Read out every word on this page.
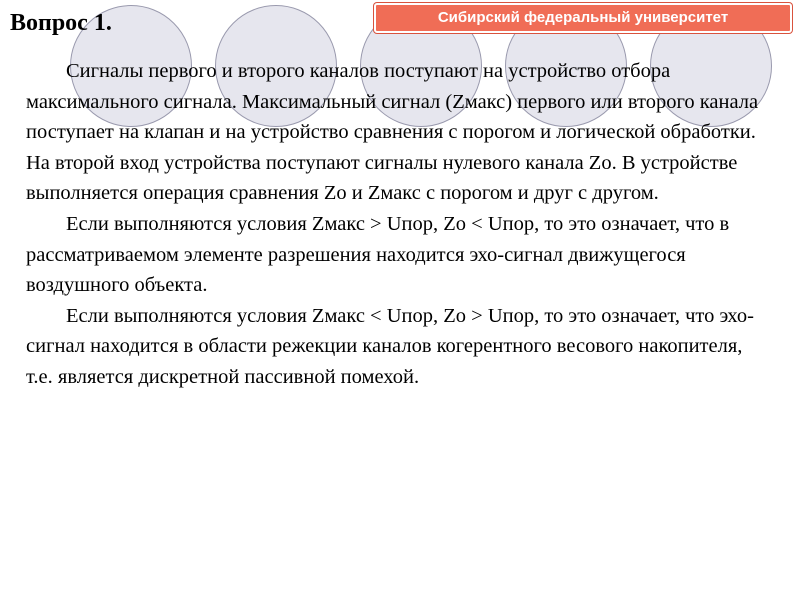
Вопрос 1.	Сибирский федеральный университет

Сигналы первого и второго каналов поступают на устройство отбора максимального сигнала. Максимальный сигнал (Zмакс) первого или второго канала поступает на клапан и на устройство сравнения с порогом и логической обработки. На второй вход устройства поступают сигналы нулевого канала Zo. В устройстве выполняется операция сравнения Zo и Zмакс с порогом и друг с другом.

Если выполняются условия Zмакс > Uпор, Zo < Uпор, то это означает, что в рассматриваемом элементе разрешения находится эхо-сигнал движущегося воздушного объекта.

Если выполняются условия Zмакс < Uпор, Zo > Uпор, то это означает, что эхо-сигнал находится в области режекции каналов когерентного весового накопителя, т.е. является дискретной пассивной помехой.
